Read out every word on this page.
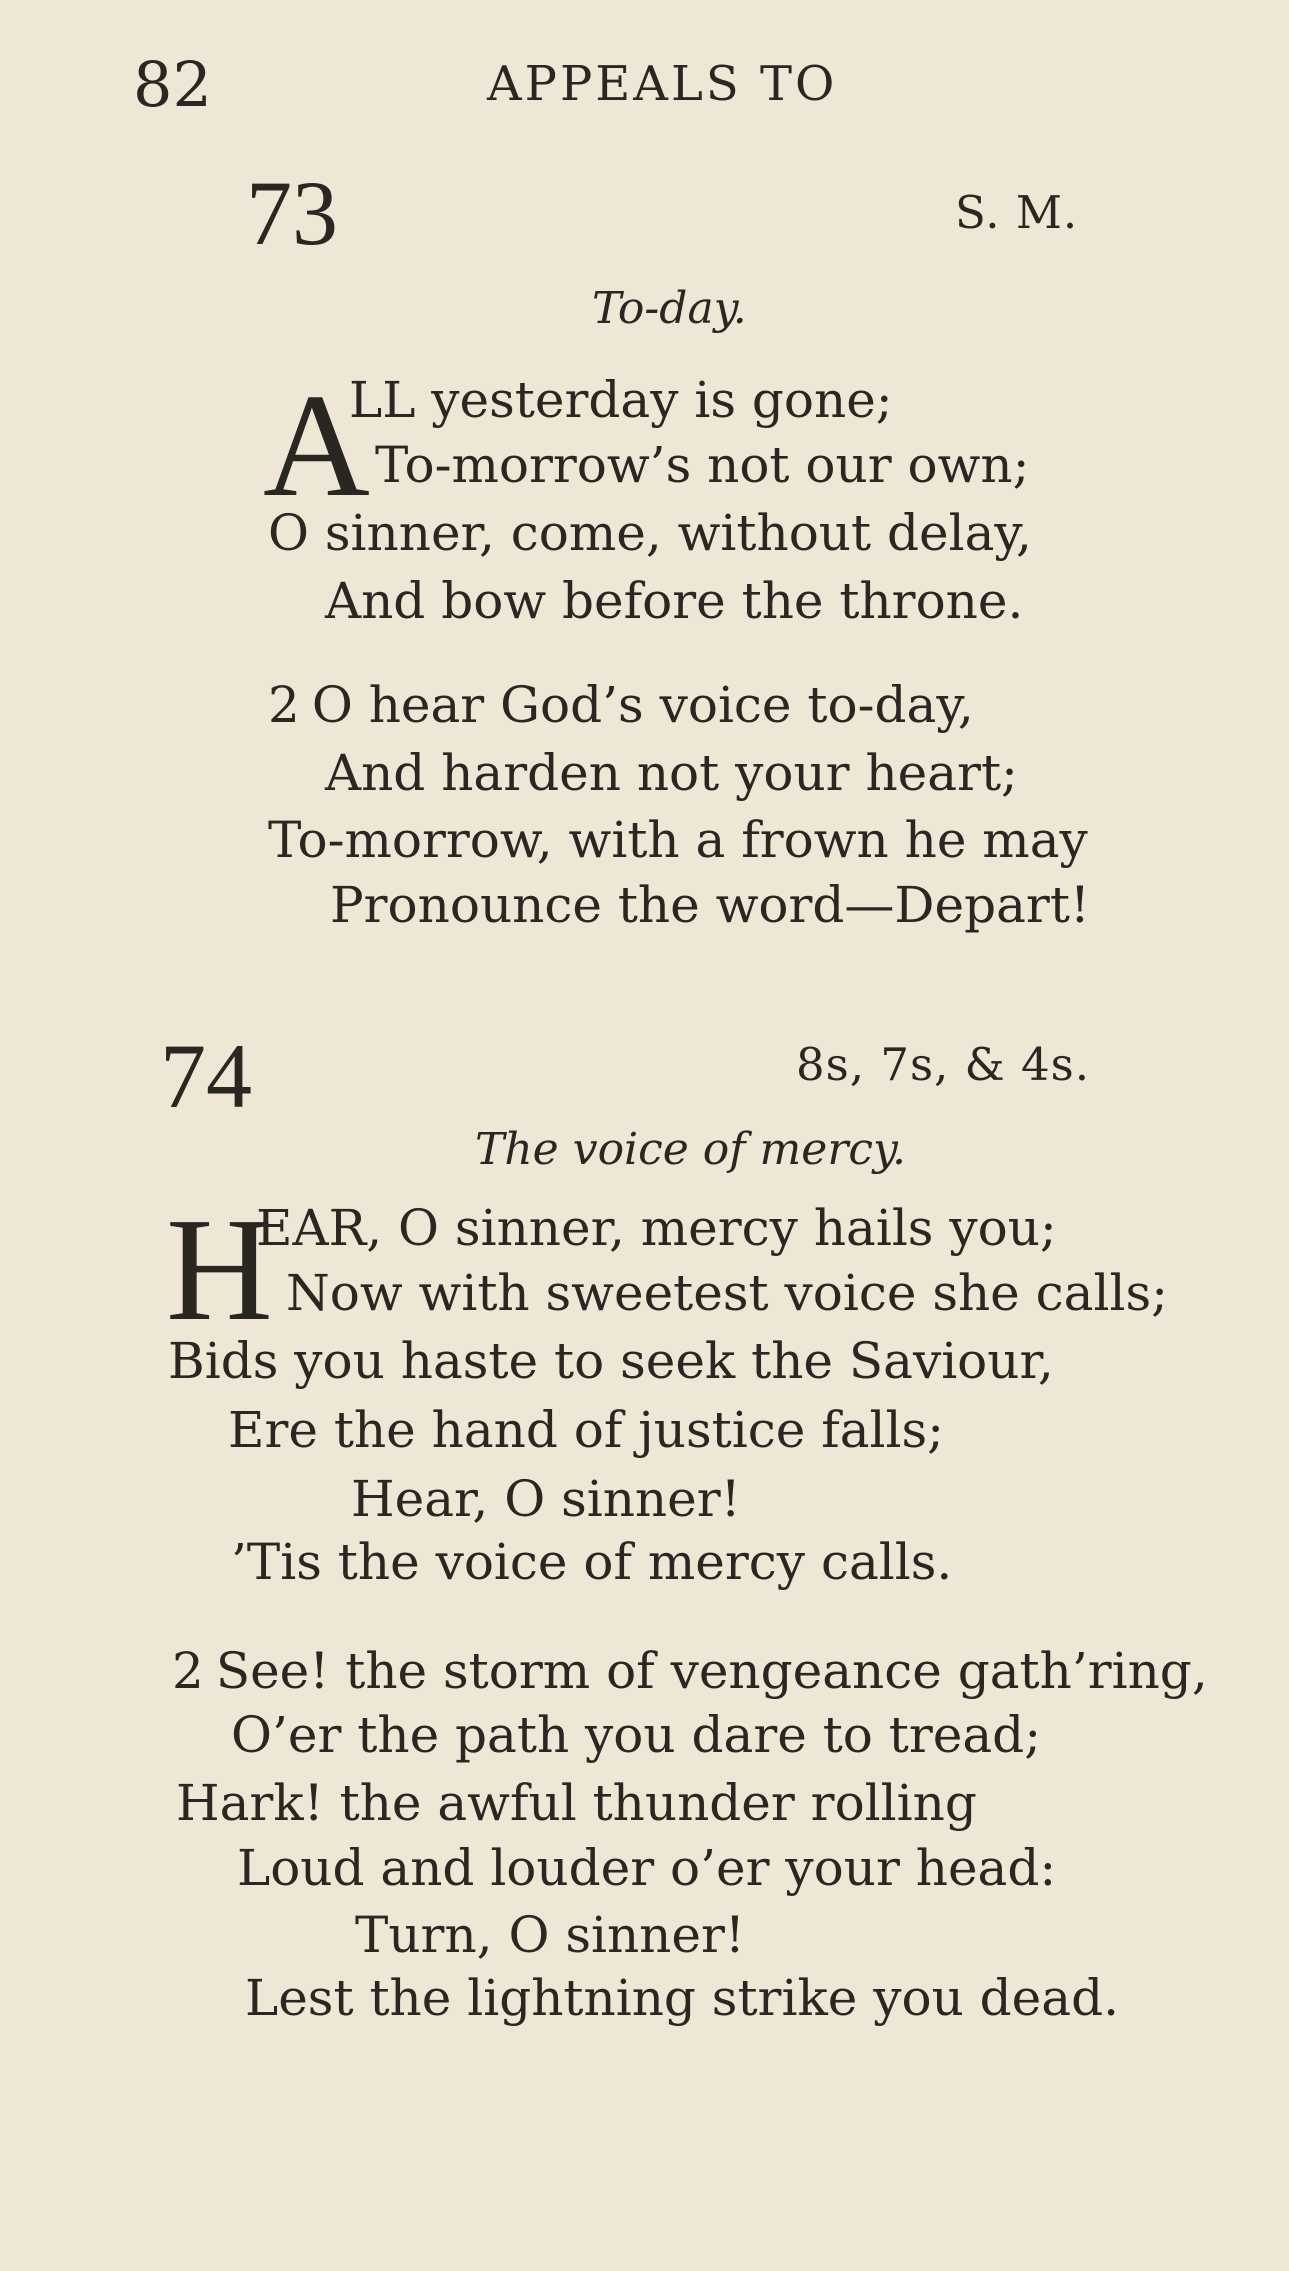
82	APPEALS TO
73	S. M.
To-day.
A
LL yesterday is gone;
To-morrow’s not our own;
O sinner, come, without delay,
And bow before the throne.
2 O hear God’s voice to-day,
And harden not your heart;
To-morrow, with a frown he may
Pronounce the word—Depart!
74	8s, 7s, & 4s.
The voice of mercy.
H
EAR, O sinner, mercy hails you;
Now with sweetest voice she calls;
Bids you haste to seek the Saviour,
Ere the hand of justice falls;
Hear, O sinner!
’Tis the voice of mercy calls.
2 See! the storm of vengeance gath’ring,
O’er the path you dare to tread;
Hark! the awful thunder rolling
Loud and louder o’er your head:
Turn, O sinner!
Lest the lightning strike you dead.
